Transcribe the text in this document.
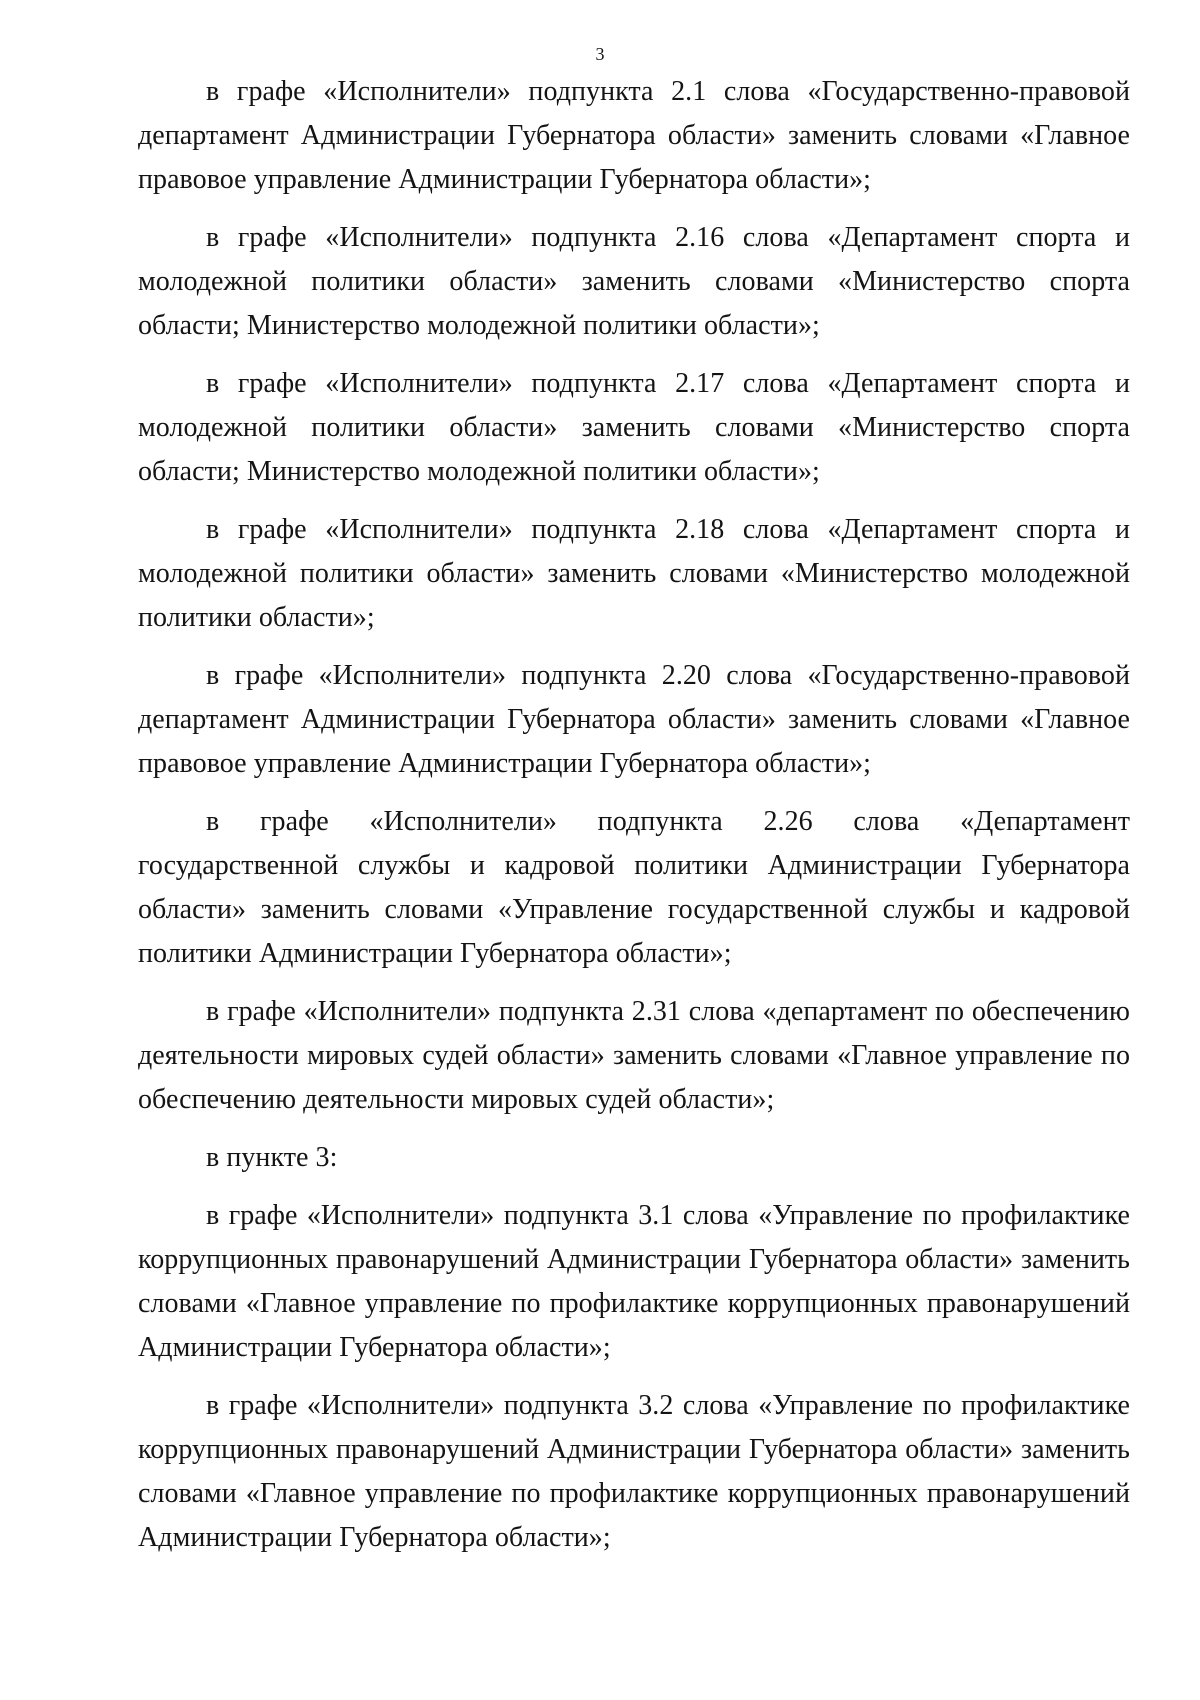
3

в графе «Исполнители» подпункта 2.1 слова «Государственно-правовой департамент Администрации Губернатора области» заменить словами «Главное правовое управление Администрации Губернатора области»;

в графе «Исполнители» подпункта 2.16 слова «Департамент спорта и молодежной политики области» заменить словами «Министерство спорта области; Министерство молодежной политики области»;

в графе «Исполнители» подпункта 2.17 слова «Департамент спорта и молодежной политики области» заменить словами «Министерство спорта области; Министерство молодежной политики области»;

в графе «Исполнители» подпункта 2.18 слова «Департамент спорта и молодежной политики области» заменить словами «Министерство молодежной политики области»;

в графе «Исполнители» подпункта 2.20 слова «Государственно-правовой департамент Администрации Губернатора области» заменить словами «Главное правовое управление Администрации Губернатора области»;

в графе «Исполнители» подпункта 2.26 слова «Департамент государственной службы и кадровой политики Администрации Губернатора области» заменить словами «Управление государственной службы и кадровой политики Администрации Губернатора области»;

в графе «Исполнители» подпункта 2.31 слова «департамент по обеспечению деятельности мировых судей области» заменить словами «Главное управление по обеспечению деятельности мировых судей области»;

в пункте 3:

в графе «Исполнители» подпункта 3.1 слова «Управление по профилактике коррупционных правонарушений Администрации Губернатора области» заменить словами «Главное управление по профилактике коррупционных правонарушений Администрации Губернатора области»;

в графе «Исполнители» подпункта 3.2 слова «Управление по профилактике коррупционных правонарушений Администрации Губернатора области» заменить словами «Главное управление по профилактике коррупционных правонарушений Администрации Губернатора области»;
